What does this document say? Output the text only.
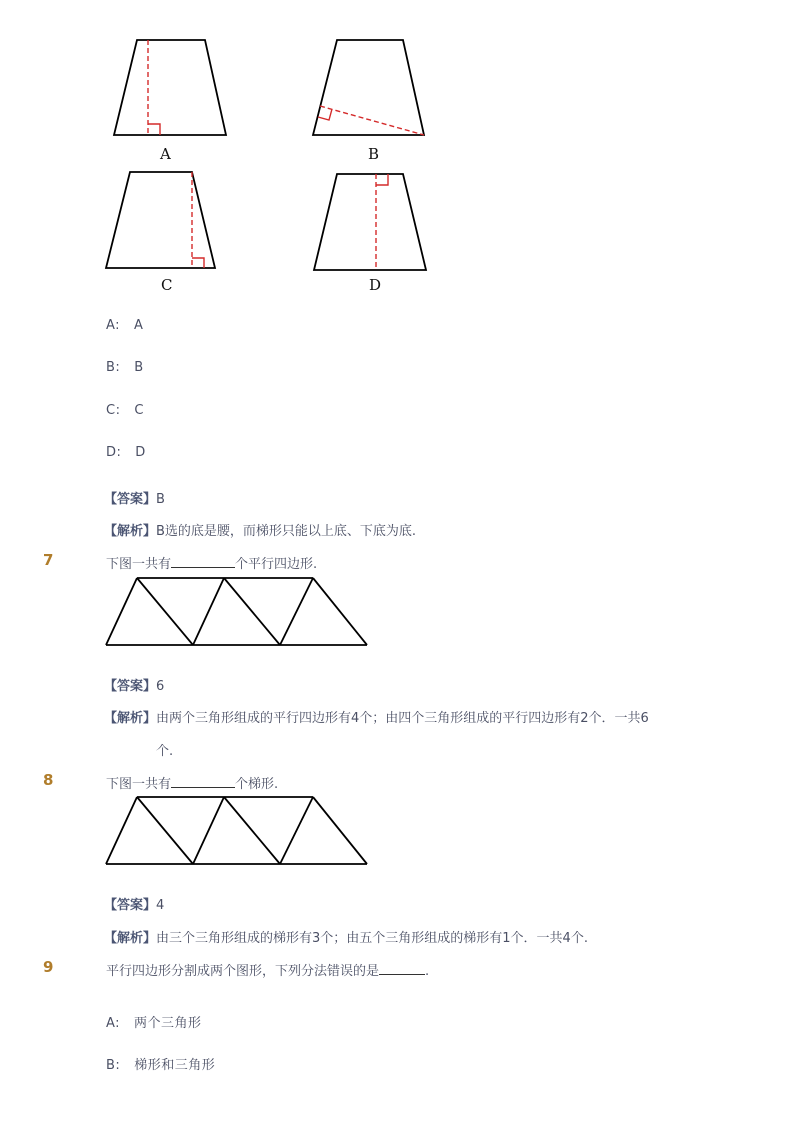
A	B
C	D
A: A
B: B
C: C
D: D
【答案】B
【解析】B选的底是腰，而梯形只能以上底、下底为底.
7	下图一共有	个平行四边形.
【答案】6
【解析】由两个三角形组成的平行四边形有4个；由四个三角形组成的平行四边形有2个．一共6
个.
8	下图一共有	个梯形.
【答案】4
【解析】由三个三角形组成的梯形有3个；由五个三角形组成的梯形有1个．一共4个.
9	平行四边形分割成两个图形，下列分法错误的是	.
A: 两个三角形
B: 梯形和三角形
